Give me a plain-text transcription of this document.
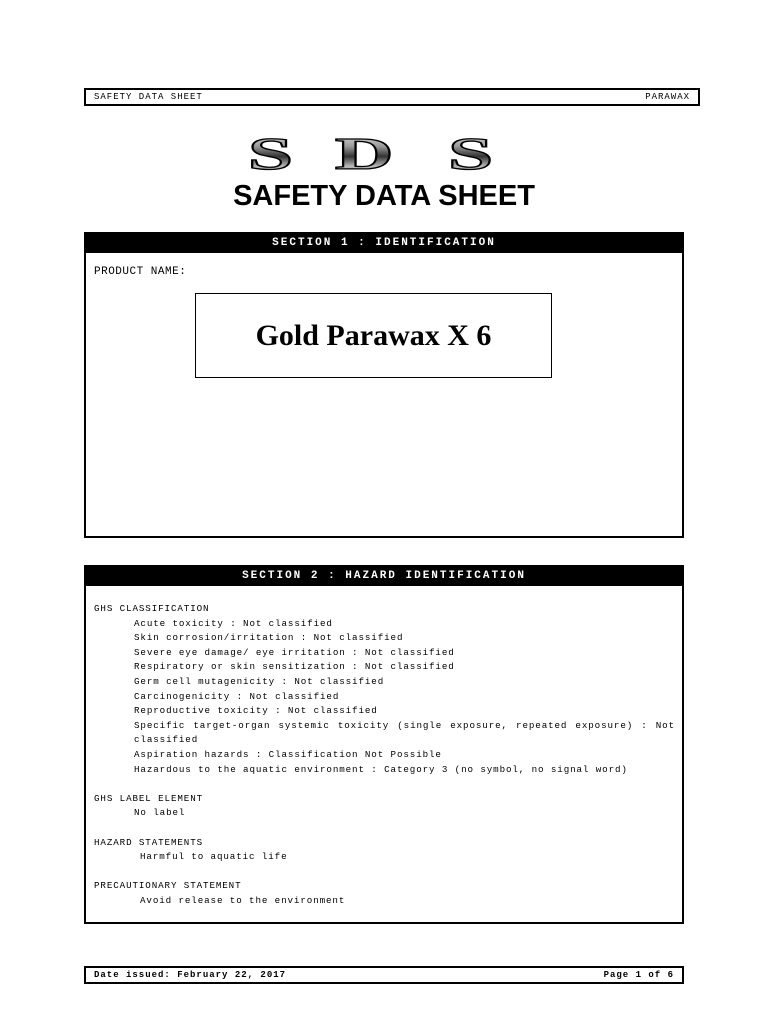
SAFETY DATA SHEET	PARAWAX
S D S
SAFETY DATA SHEET
SECTION 1 : IDENTIFICATION
PRODUCT NAME:
Gold Parawax X 6
SECTION 2 : HAZARD IDENTIFICATION
GHS CLASSIFICATION
Acute toxicity : Not classified
Skin corrosion/irritation : Not classified
Severe eye damage/ eye irritation : Not classified
Respiratory or skin sensitization : Not classified
Germ cell mutagenicity : Not classified
Carcinogenicity : Not classified
Reproductive toxicity : Not classified
Specific target-organ systemic toxicity (single exposure, repeated exposure) : Not
classified
Aspiration hazards : Classification Not Possible
Hazardous to the aquatic environment : Category 3 (no symbol, no signal word)
GHS LABEL ELEMENT
No label
HAZARD STATEMENTS
Harmful to aquatic life
PRECAUTIONARY STATEMENT
Avoid release to the environment
Date issued: February 22, 2017	Page 1 of 6
